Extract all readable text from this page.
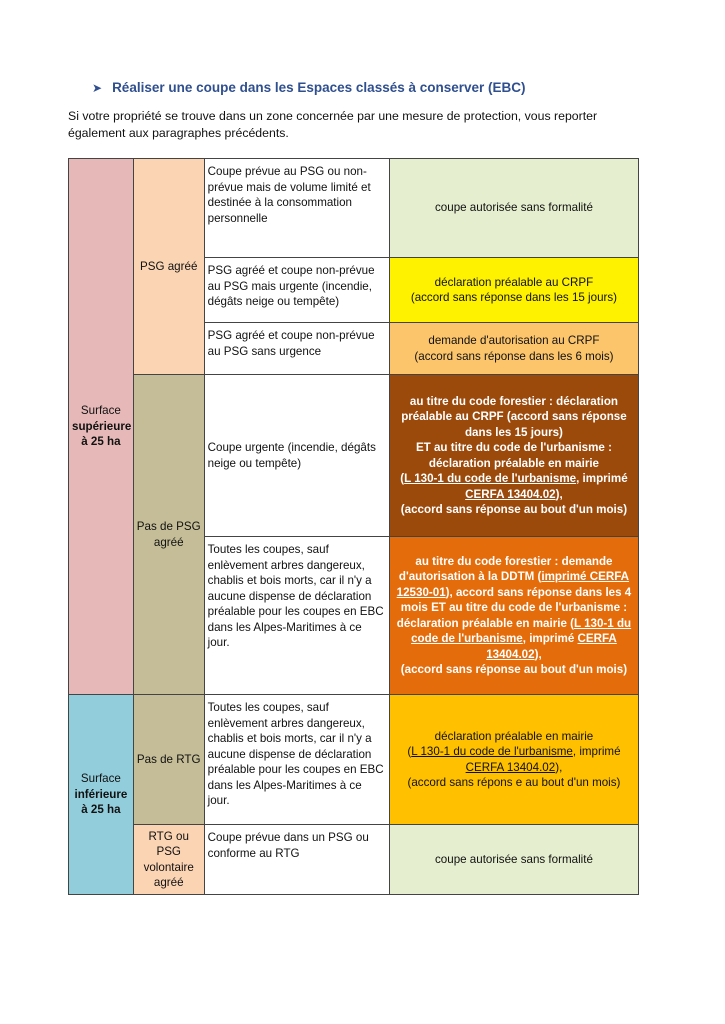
➤ Réaliser une coupe dans les Espaces classés à conserver (EBC)
Si votre propriété se trouve dans un zone concernée par une mesure de protection, vous reporter également aux paragraphes précédents.
Surface
supérieure
à 25 ha	PSG agréé	Coupe prévue au PSG ou non-prévue mais de volume limité et destinée à la consommation personnelle	coupe autorisée sans formalité
		PSG agréé et coupe non-prévue au PSG mais urgente (incendie, dégâts neige ou tempête)	déclaration préalable au CRPF
(accord sans réponse dans les 15 jours)
		PSG agréé et coupe non-prévue au PSG sans urgence	demande d'autorisation au CRPF
(accord sans réponse dans les 6 mois)
	Pas de PSG agréé	Coupe urgente (incendie, dégâts neige ou tempête)	au titre du code forestier : déclaration préalable au CRPF (accord sans réponse dans les 15 jours)
ET au titre du code de l'urbanisme : déclaration préalable en mairie
(L 130-1 du code de l'urbanisme, imprimé CERFA 13404.02),
(accord sans réponse au bout d'un mois)
		Toutes les coupes, sauf enlèvement arbres dangereux, chablis et bois morts, car il n'y a aucune dispense de déclaration préalable pour les coupes en EBC dans les Alpes-Maritimes à ce jour.	au titre du code forestier : demande d'autorisation à la DDTM (imprimé CERFA 12530-01), accord sans réponse dans les 4 mois ET au titre du code de l'urbanisme : déclaration préalable en mairie (L 130-1 du code de l'urbanisme, imprimé CERFA 13404.02),
(accord sans réponse au bout d'un mois)
Surface
inférieure
à 25 ha	Pas de RTG	Toutes les coupes, sauf enlèvement arbres dangereux, chablis et bois morts, car il n'y a aucune dispense de déclaration préalable pour les coupes en EBC dans les Alpes-Maritimes à ce jour.	déclaration préalable en mairie
(L 130-1 du code de l'urbanisme, imprimé CERFA 13404.02),
(accord sans répons e au bout d'un mois)
	RTG ou PSG volontaire agréé	Coupe prévue dans un PSG ou conforme au RTG	coupe autorisée sans formalité
